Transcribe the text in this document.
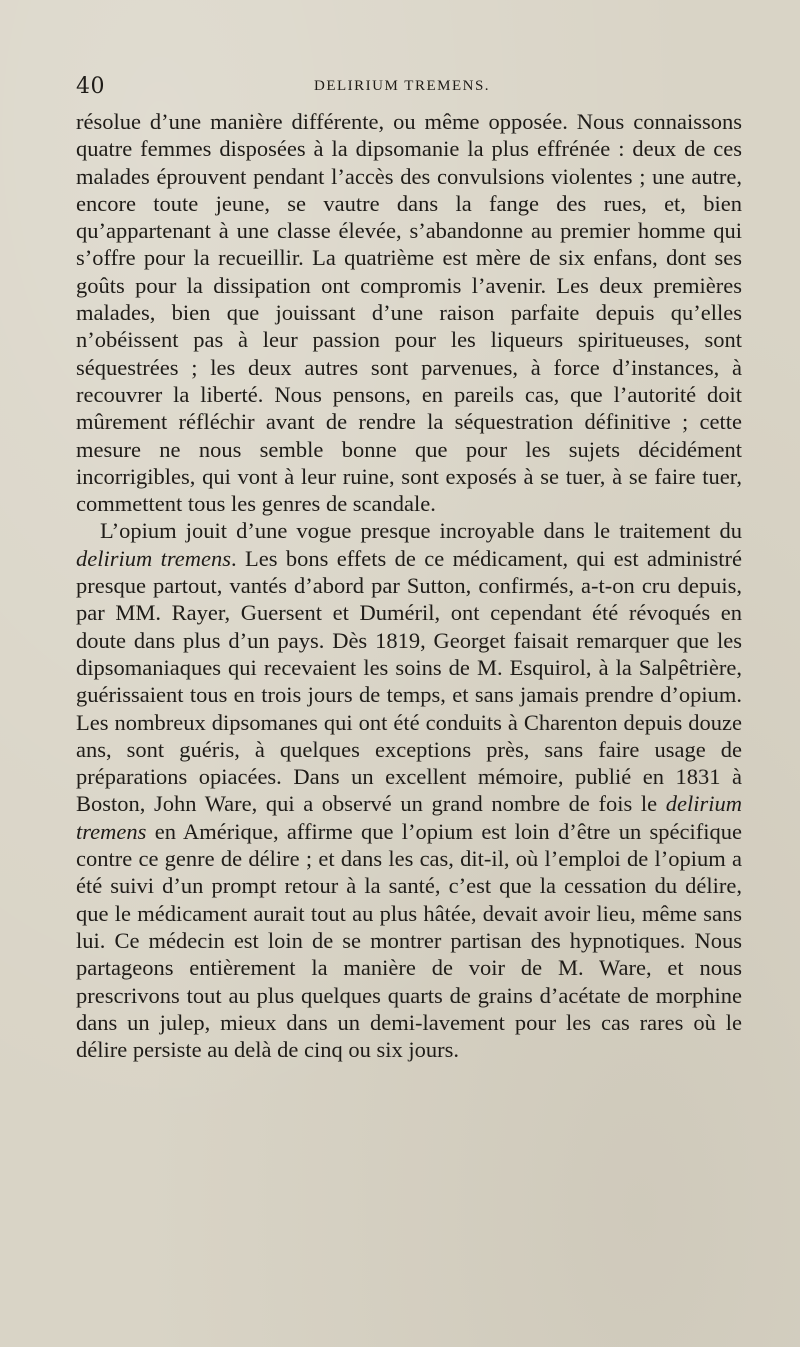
40	DELIRIUM TREMENS.

résolue d’une manière différente, ou même opposée. Nous connaissons quatre femmes disposées à la dipsomanie la plus effrénée : deux de ces malades éprouvent pendant l’accès des convulsions violentes ; une autre, encore toute jeune, se vautre dans la fange des rues, et, bien qu’appartenant à une classe élevée, s’abandonne au premier homme qui s’offre pour la recueillir. La quatrième est mère de six enfans, dont ses goûts pour la dissipation ont compromis l’avenir. Les deux premières malades, bien que jouissant d’une raison parfaite depuis qu’elles n’obéissent pas à leur passion pour les liqueurs spiritueuses, sont séquestrées ; les deux autres sont parvenues, à force d’instances, à recouvrer la liberté. Nous pensons, en pareils cas, que l’autorité doit mûrement réfléchir avant de rendre la séquestration définitive ; cette mesure ne nous semble bonne que pour les sujets décidément incorrigibles, qui vont à leur ruine, sont exposés à se tuer, à se faire tuer, commettent tous les genres de scandale.

L’opium jouit d’une vogue presque incroyable dans le traitement du delirium tremens. Les bons effets de ce médicament, qui est administré presque partout, vantés d’abord par Sutton, confirmés, a-t-on cru depuis, par MM. Rayer, Guersent et Duméril, ont cependant été révoqués en doute dans plus d’un pays. Dès 1819, Georget faisait remarquer que les dipsomaniaques qui recevaient les soins de M. Esquirol, à la Salpêtrière, guérissaient tous en trois jours de temps, et sans jamais prendre d’opium. Les nombreux dipsomanes qui ont été conduits à Charenton depuis douze ans, sont guéris, à quelques exceptions près, sans faire usage de préparations opiacées. Dans un excellent mémoire, publié en 1831 à Boston, John Ware, qui a observé un grand nombre de fois le delirium tremens en Amérique, affirme que l’opium est loin d’être un spécifique contre ce genre de délire ; et dans les cas, dit-il, où l’emploi de l’opium a été suivi d’un prompt retour à la santé, c’est que la cessation du délire, que le médicament aurait tout au plus hâtée, devait avoir lieu, même sans lui. Ce médecin est loin de se montrer partisan des hypnotiques. Nous partageons entièrement la manière de voir de M. Ware, et nous prescrivons tout au plus quelques quarts de grains d’acétate de morphine dans un julep, mieux dans un demi-lavement pour les cas rares où le délire persiste au delà de cinq ou six jours.
